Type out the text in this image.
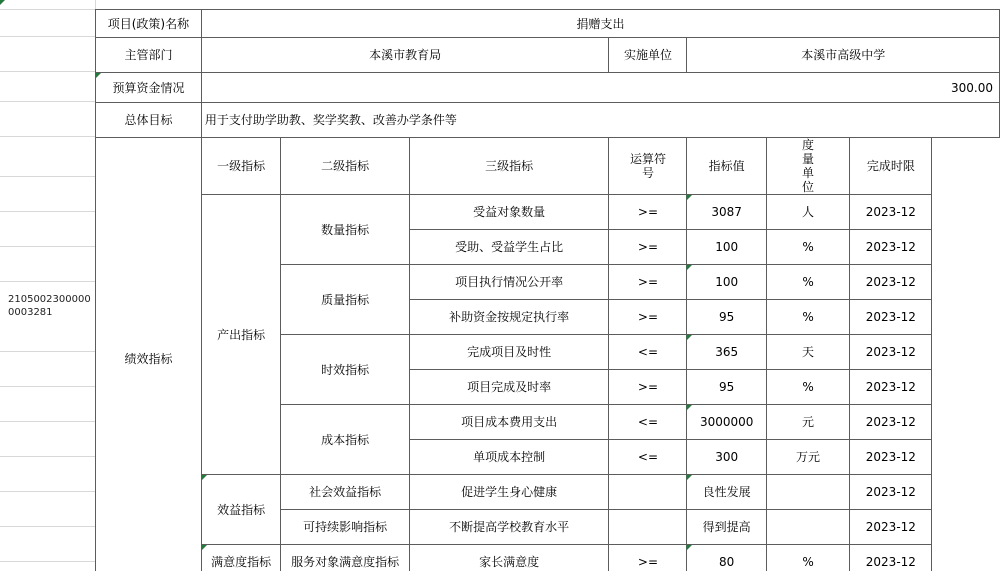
21050023000000003281
项目(政策)名称	捐赠支出						
主管部门	本溪市教育局			实施单位	本溪市高级中学		
预算资金情况	300.00						
总体目标	用于支付助学助教、奖学奖教、改善办学条件等						
绩效指标	一级指标	二级指标	三级指标	运算符号	指标值	度量单位	完成时限
	产出指标	数量指标	受益对象数量	>=	3087	人	2023-12
			受助、受益学生占比	>=	100	%	2023-12
		质量指标	项目执行情况公开率	>=	100	%	2023-12
			补助资金按规定执行率	>=	95	%	2023-12
		时效指标	完成项目及时性	<=	365	天	2023-12
			项目完成及时率	>=	95	%	2023-12
		成本指标	项目成本费用支出	<=	3000000	元	2023-12
			单项成本控制	<=	300	万元	2023-12
	效益指标	社会效益指标	促进学生身心健康		良性发展		2023-12
		可持续影响指标	不断提高学校教育水平		得到提高		2023-12
	满意度指标	服务对象满意度指标	家长满意度	>=	80	%	2023-12
